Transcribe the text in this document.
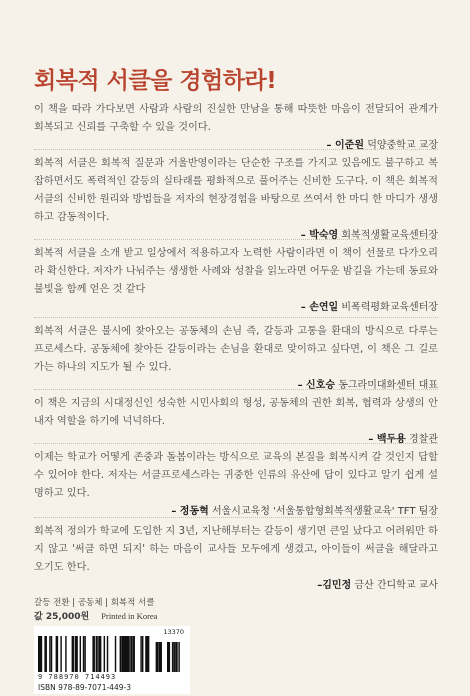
회복적 서클을 경험하라!
이 책을 따라 가다보면 사람과 사람의 진실한 만남을 통해 따뜻한 마음이 전달되어 관계가 회복되고 신뢰를 구축할 수 있을 것이다.
– 이준원 덕양중학교 교장
회복적 서클은 회복적 질문과 거울반영이라는 단순한 구조를 가지고 있음에도 불구하고 복잡하면서도 폭력적인 갈등의 실타래를 평화적으로 풀어주는 신비한 도구다. 이 책은 회복적 서클의 신비한 원리와 방법들을 저자의 현장경험을 바탕으로 쓰여서 한 마디 한 마디가 생생하고 감동적이다.
– 박숙영 회복적생활교육센터장
회복적 서클을 소개 받고 일상에서 적용하고자 노력한 사람이라면 이 책이 선물로 다가오리라 확신한다. 저자가 나눠주는 생생한 사례와 성찰을 읽노라면 어두운 밤길을 가는데 동료와 불빛을 함께 얻은 것 같다
– 손연일 비폭력평화교육센터장
회복적 서클은 불시에 찾아오는 공동체의 손님 즉, 갈등과 고통을 환대의 방식으로 다루는 프로세스다. 공동체에 찾아든 갈등이라는 손님을 환대로 맞이하고 싶다면, 이 책은 그 길로 가는 하나의 지도가 될 수 있다.
– 신호승 동그라미대화센터 대표
이 책은 지금의 시대정신인 성숙한 시민사회의 형성, 공동체의 권한 회복, 협력과 상생의 안내자 역할을 하기에 넉넉하다.
– 백두용 경찰관
이제는 학교가 어떻게 존중과 돌봄이라는 방식으로 교육의 본질을 회복시켜 갈 것인지 답할 수 있어야 한다. 저자는 서클프로세스라는 귀중한 인류의 유산에 답이 있다고 알기 쉽게 설명하고 있다.
– 정동혁 서울시교육청 '서울통합형회복적생활교육' TFT 팀장
회복적 정의가 학교에 도입한 지 3년, 지난해부터는 갈등이 생기면 큰일 났다고 어려워만 하지 않고 '써클 하면 되지' 하는 마음이 교사들 모두에게 생겼고, 아이들이 써클을 해달라고 오기도 한다.
–김민정 금산 간디학교 교사
갈등 전환 | 공동체 | 회복적 서클
값 25,000원 Printed in Korea
13370
9 788970 714493
ISBN 978-89-7071-449-3
